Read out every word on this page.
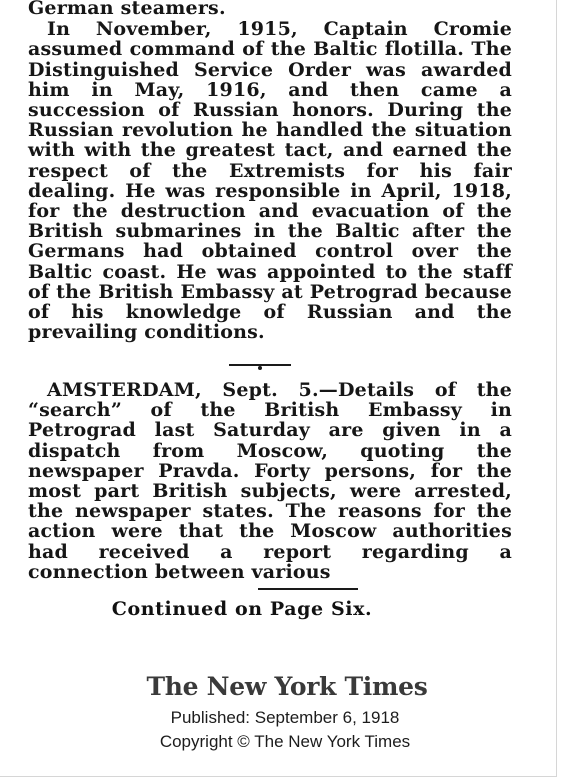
German steamers.

In November, 1915, Captain Cromie assumed command of the Baltic flotilla. The Distinguished Service Order was awarded him in May, 1916, and then came a succession of Russian honors. During the Russian revolution he handled the situation with with the greatest tact, and earned the respect of the Extremists for his fair dealing. He was responsible in April, 1918, for the destruction and evacuation of the British submarines in the Baltic after the Germans had obtained control over the Baltic coast. He was appointed to the staff of the British Embassy at Petrograd because of his knowledge of Russian and the prevailing conditions.

AMSTERDAM, Sept. 5.—Details of the “search” of the British Embassy in Petrograd last Saturday are given in a dispatch from Moscow, quoting the newspaper Pravda. Forty persons, for the most part British subjects, were arrested, the newspaper states. The reasons for the action were that the Moscow authorities had received a report regarding a connection between various

Continued on Page Six.
The New York Times
Published: September 6, 1918
Copyright © The New York Times
